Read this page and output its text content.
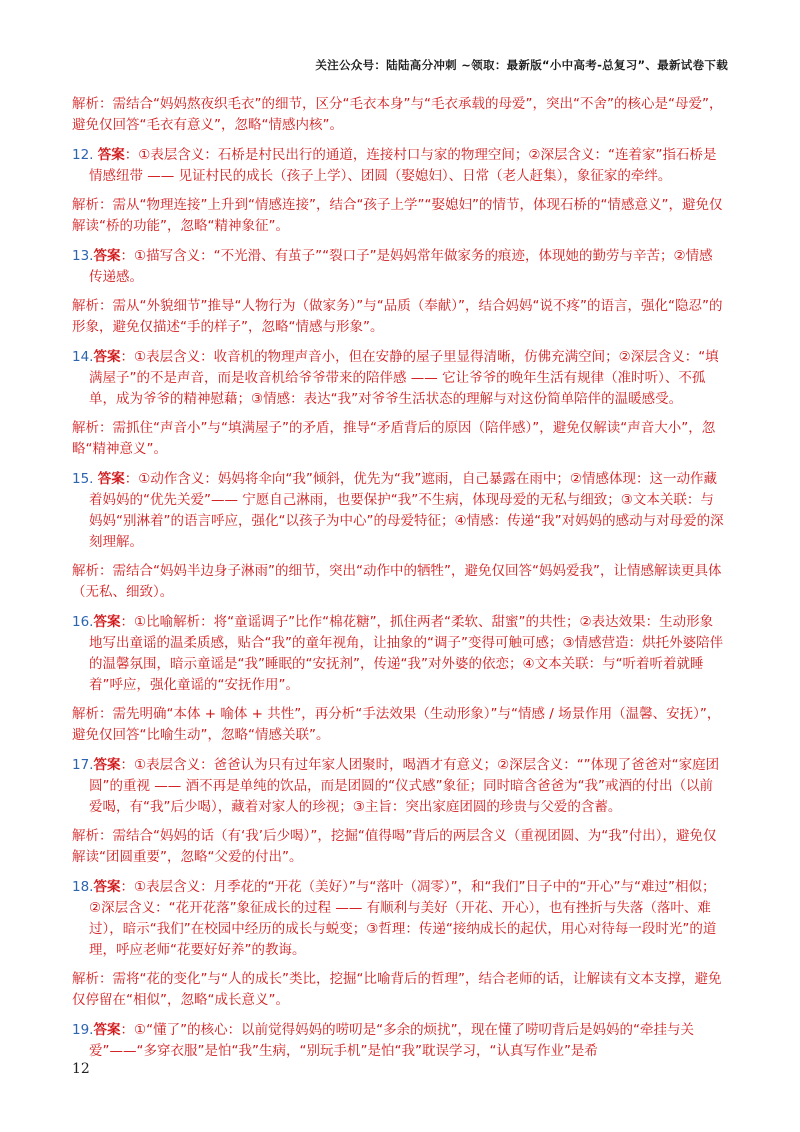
关注公众号：陆陆高分冲刺 ~领取：最新版“小中高考-总复习”、最新试卷下载
解析：需结合“妈妈熬夜织毛衣”的细节，区分“毛衣本身”与“毛衣承载的母爱”，突出“不舍”的核心是“母爱”，避免仅回答“毛衣有意义”，忽略“情感内核”。
12. 答案：①表层含义：石桥是村民出行的通道，连接村口与家的物理空间；②深层含义：“连着家”指石桥是情感纽带 —— 见证村民的成长（孩子上学）、团圆（娶媳妇）、日常（老人赶集），象征家的牵绊。
解析：需从“物理连接”上升到“情感连接”，结合“孩子上学”“娶媳妇”的情节，体现石桥的“情感意义”，避免仅解读“桥的功能”，忽略“精神象征”。
13.答案：①描写含义：“不光滑、有茧子”“裂口子”是妈妈常年做家务的痕迹，体现她的勤劳与辛苦；②情感传递感。
解析：需从“外貌细节”推导“人物行为（做家务）”与“品质（奉献）”，结合妈妈“说不疼”的语言，强化“隐忍”的形象，避免仅描述“手的样子”，忽略“情感与形象”。
14.答案：①表层含义：收音机的物理声音小，但在安静的屋子里显得清晰，仿佛充满空间；②深层含义：“填满屋子”的不是声音，而是收音机给爷爷带来的陪伴感 —— 它让爷爷的晚年生活有规律（准时听）、不孤单，成为爷爷的精神慰藉；③情感：表达“我”对爷爷生活状态的理解与对这份简单陪伴的温暖感受。
解析：需抓住“声音小”与“填满屋子”的矛盾，推导“矛盾背后的原因（陪伴感）”，避免仅解读“声音大小”，忽略“精神意义”。
15. 答案：①动作含义：妈妈将伞向“我”倾斜，优先为“我”遮雨，自己暴露在雨中；②情感体现：这一动作藏着妈妈的“优先关爱”—— 宁愿自己淋雨，也要保护“我”不生病，体现母爱的无私与细致；③文本关联：与妈妈“别淋着”的语言呼应，强化“以孩子为中心”的母爱特征；④情感：传递“我”对妈妈的感动与对母爱的深刻理解。
解析：需结合“妈妈半边身子淋雨”的细节，突出“动作中的牺牲”，避免仅回答“妈妈爱我”，让情感解读更具体（无私、细致）。
16.答案：①比喻解析：将“童谣调子”比作“棉花糖”，抓住两者“柔软、甜蜜”的共性；②表达效果：生动形象地写出童谣的温柔质感，贴合“我”的童年视角，让抽象的“调子”变得可触可感；③情感营造：烘托外婆陪伴的温馨氛围，暗示童谣是“我”睡眠的“安抚剂”，传递“我”对外婆的依恋；④文本关联：与“听着听着就睡着”呼应，强化童谣的“安抚作用”。
解析：需先明确“本体 + 喻体 + 共性”，再分析“手法效果（生动形象）”与“情感 / 场景作用（温馨、安抚）”，避免仅回答“比喻生动”，忽略“情感关联”。
17.答案：①表层含义：爸爸认为只有过年家人团聚时，喝酒才有意义；②深层含义：“”体现了爸爸对“家庭团圆”的重视 —— 酒不再是单纯的饮品，而是团圆的“仪式感”象征；同时暗含爸爸为“我”戒酒的付出（以前爱喝，有“我”后少喝），藏着对家人的珍视；③主旨：突出家庭团圆的珍贵与父爱的含蓄。
解析：需结合“妈妈的话（有‘我’后少喝）”，挖掘“值得喝”背后的两层含义（重视团圆、为“我”付出），避免仅解读“团圆重要”，忽略“父爱的付出”。
18.答案：①表层含义：月季花的“开花（美好）”与“落叶（凋零）”，和“我们”日子中的“开心”与“难过”相似；②深层含义：“花开花落”象征成长的过程 —— 有顺利与美好（开花、开心），也有挫折与失落（落叶、难过），暗示“我们”在校园中经历的成长与蜕变；③哲理：传递“接纳成长的起伏，用心对待每一段时光”的道理，呼应老师“花要好好养”的教诲。
解析：需将“花的变化”与“人的成长”类比，挖掘“比喻背后的哲理”，结合老师的话，让解读有文本支撑，避免仅停留在“相似”，忽略“成长意义”。
19.答案：①“懂了”的核心：以前觉得妈妈的唠叨是“多余的烦扰”，现在懂了唠叨背后是妈妈的“牵挂与关爱”——“多穿衣服”是怕“我”生病，“别玩手机”是怕“我”耽误学习，“认真写作业”是希
12
